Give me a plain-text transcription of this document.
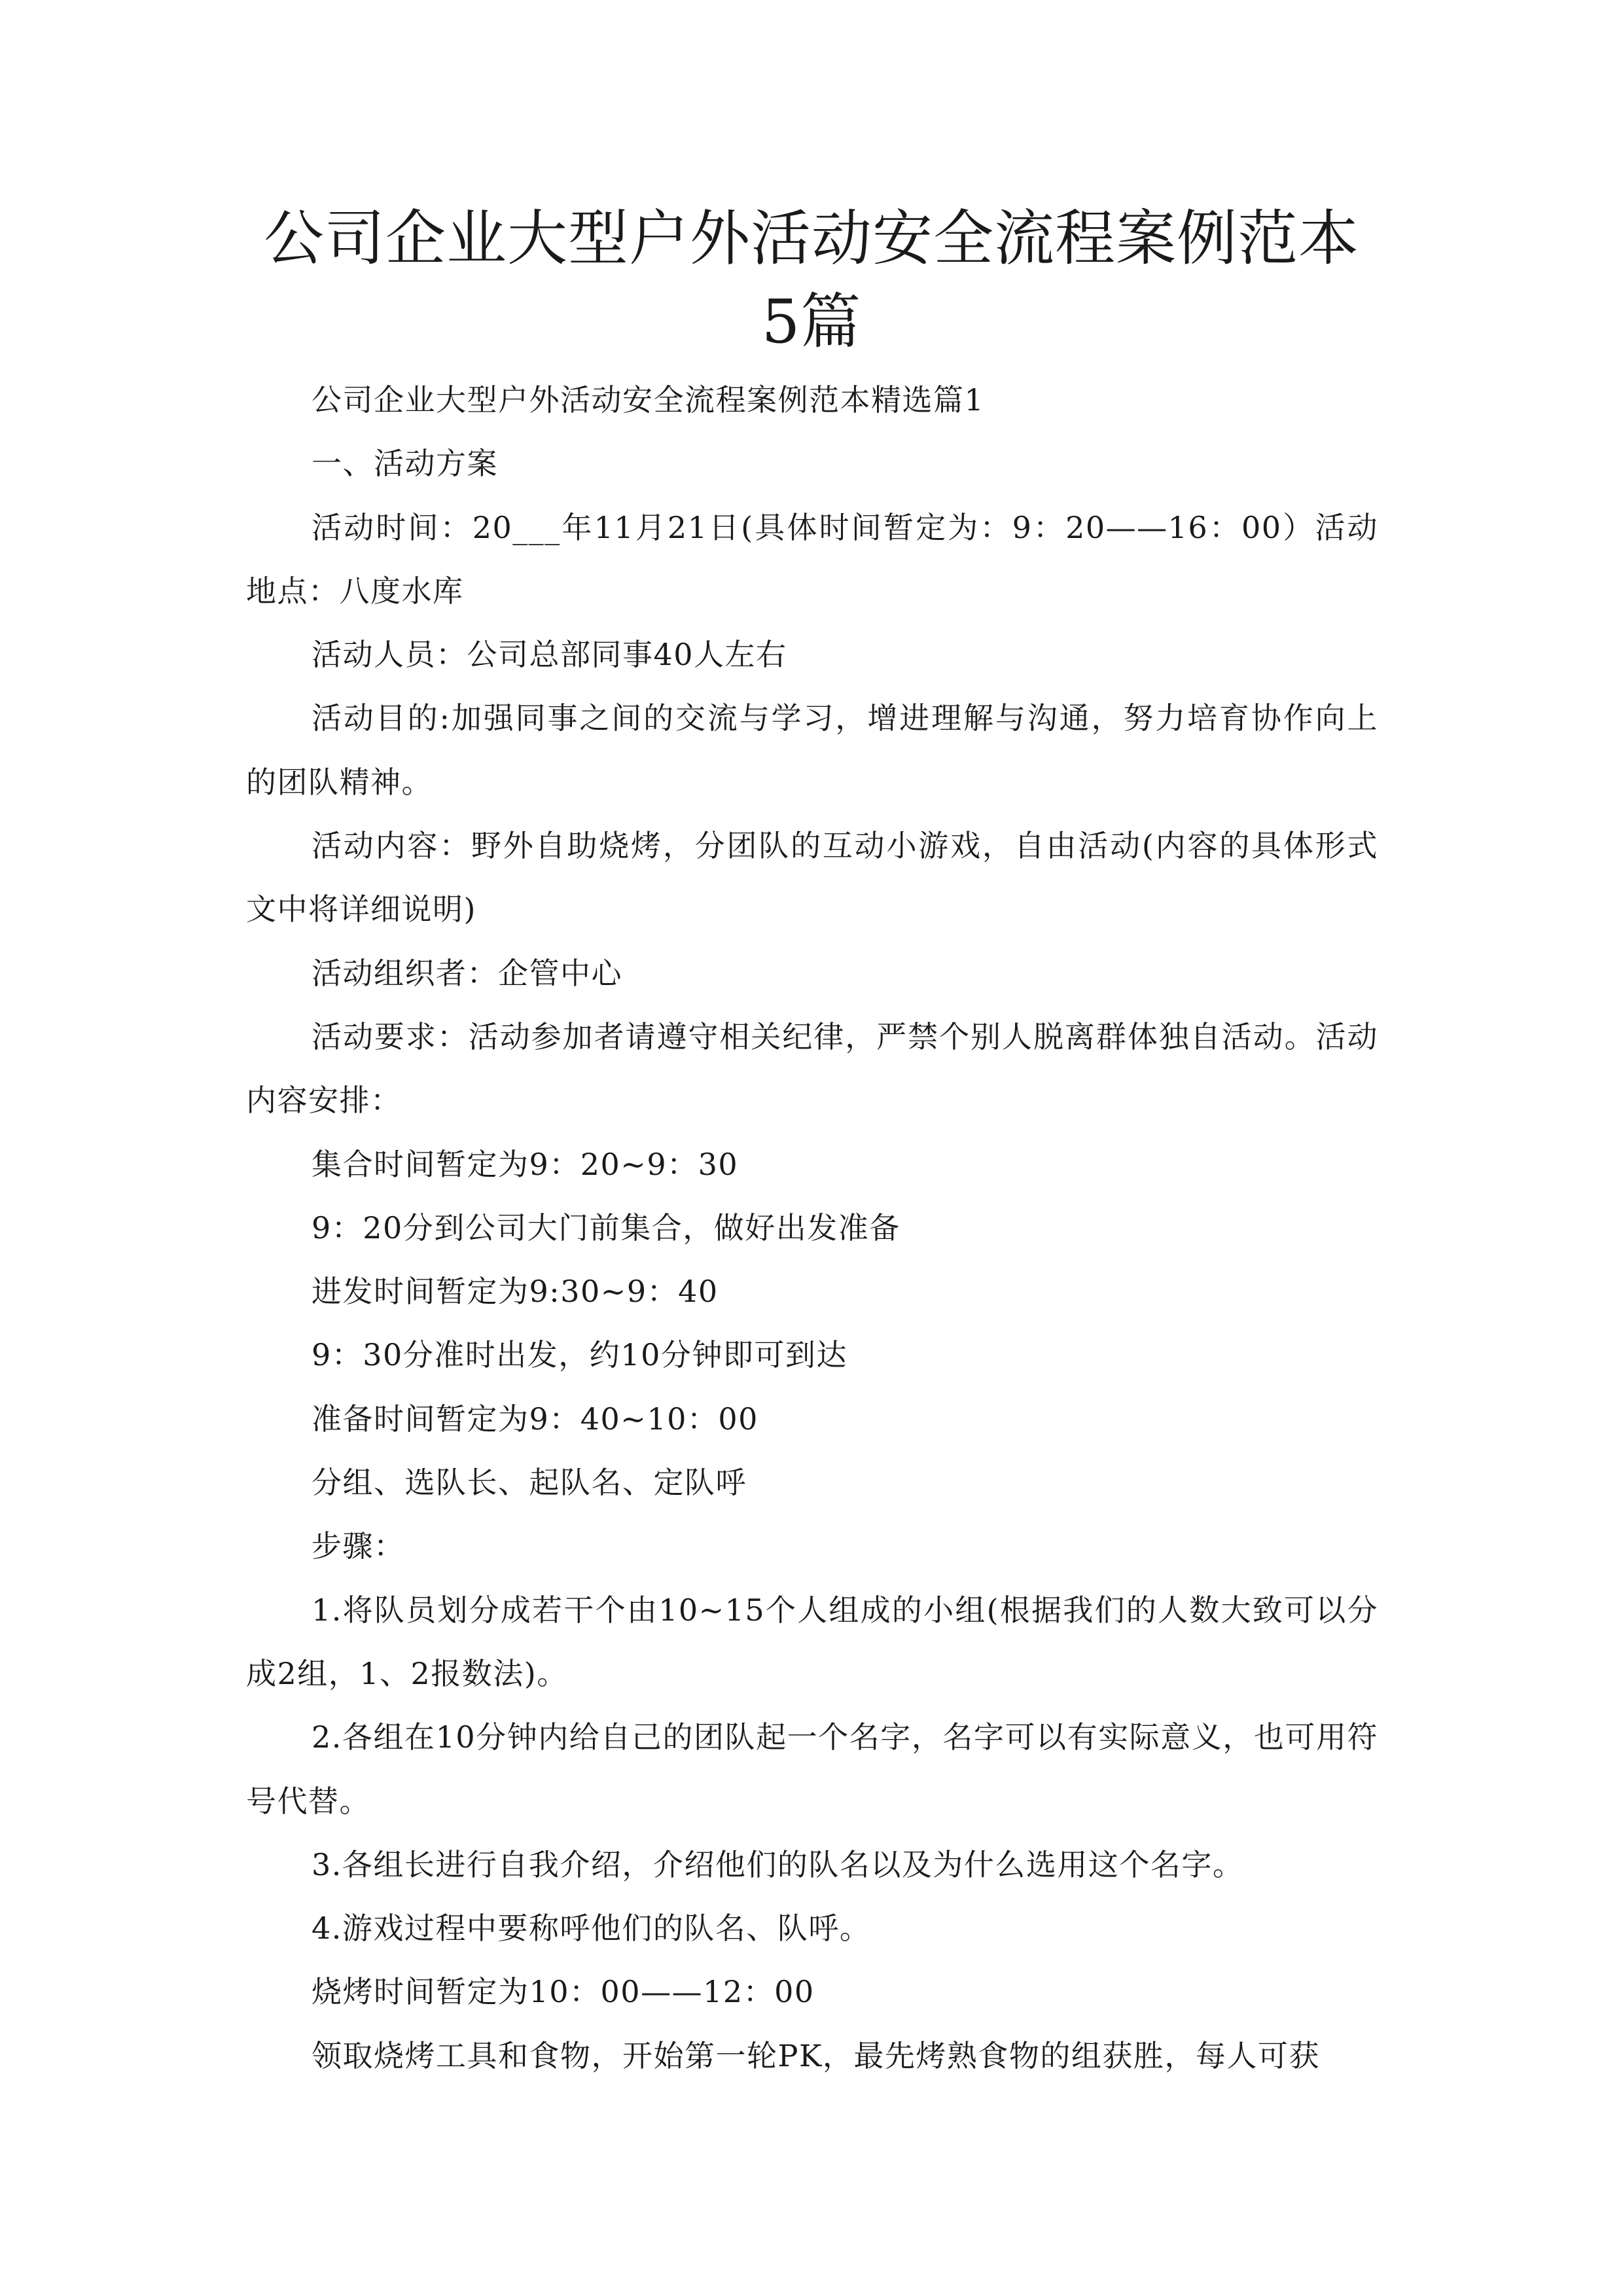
公司企业大型户外活动安全流程案例范本
5篇

公司企业大型户外活动安全流程案例范本精选篇1

一、活动方案

活动时间：20___年11月21日(具体时间暂定为：9：20——16：00）活动地点：八度水库

活动人员：公司总部同事40人左右

活动目的:加强同事之间的交流与学习，增进理解与沟通，努力培育协作向上的团队精神。

活动内容：野外自助烧烤，分团队的互动小游戏，自由活动(内容的具体形式文中将详细说明)

活动组织者：企管中心

活动要求：活动参加者请遵守相关纪律，严禁个别人脱离群体独自活动。活动内容安排：

集合时间暂定为9：20~9：30

9：20分到公司大门前集合，做好出发准备

进发时间暂定为9:30~9：40

9：30分准时出发，约10分钟即可到达

准备时间暂定为9：40~10：00

分组、选队长、起队名、定队呼

步骤：

1.将队员划分成若干个由10~15个人组成的小组(根据我们的人数大致可以分成2组，1、2报数法)。

2.各组在10分钟内给自己的团队起一个名字，名字可以有实际意义，也可用符号代替。

3.各组长进行自我介绍，介绍他们的队名以及为什么选用这个名字。

4.游戏过程中要称呼他们的队名、队呼。

烧烤时间暂定为10：00——12：00

领取烧烤工具和食物，开始第一轮PK，最先烤熟食物的组获胜，每人可获
